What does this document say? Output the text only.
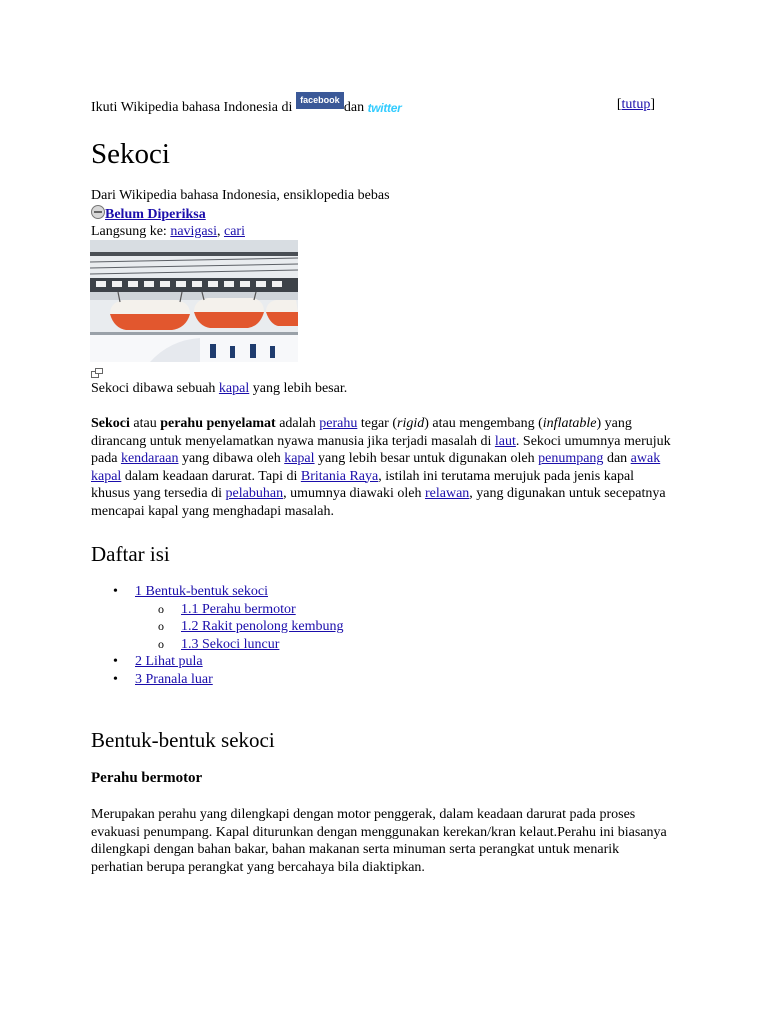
Ikuti Wikipedia bahasa Indonesia di facebook dan twitter	[tutup]
Sekoci
Dari Wikipedia bahasa Indonesia, ensiklopedia bebas
Belum Diperiksa
Langsung ke: navigasi, cari
Sekoci dibawa sebuah kapal yang lebih besar.

Sekoci atau perahu penyelamat adalah perahu tegar (rigid) atau mengembang (inflatable) yang dirancang untuk menyelamatkan nyawa manusia jika terjadi masalah di laut. Sekoci umumnya merujuk pada kendaraan yang dibawa oleh kapal yang lebih besar untuk digunakan oleh penumpang dan awak kapal dalam keadaan darurat. Tapi di Britania Raya, istilah ini terutama merujuk pada jenis kapal khusus yang tersedia di pelabuhan, umumnya diawaki oleh relawan, yang digunakan untuk secepatnya mencapai kapal yang menghadapi masalah.

Daftar isi
• 1 Bentuk-bentuk sekoci
o 1.1 Perahu bermotor
o 1.2 Rakit penolong kembung
o 1.3 Sekoci luncur
• 2 Lihat pula
• 3 Pranala luar
Bentuk-bentuk sekoci
Perahu bermotor

Merupakan perahu yang dilengkapi dengan motor penggerak, dalam keadaan darurat pada proses evakuasi penumpang. Kapal diturunkan dengan menggunakan kerekan/kran kelaut.Perahu ini biasanya dilengkapi dengan bahan bakar, bahan makanan serta minuman serta perangkat untuk menarik perhatian berupa perangkat yang bercahaya bila diaktipkan.
